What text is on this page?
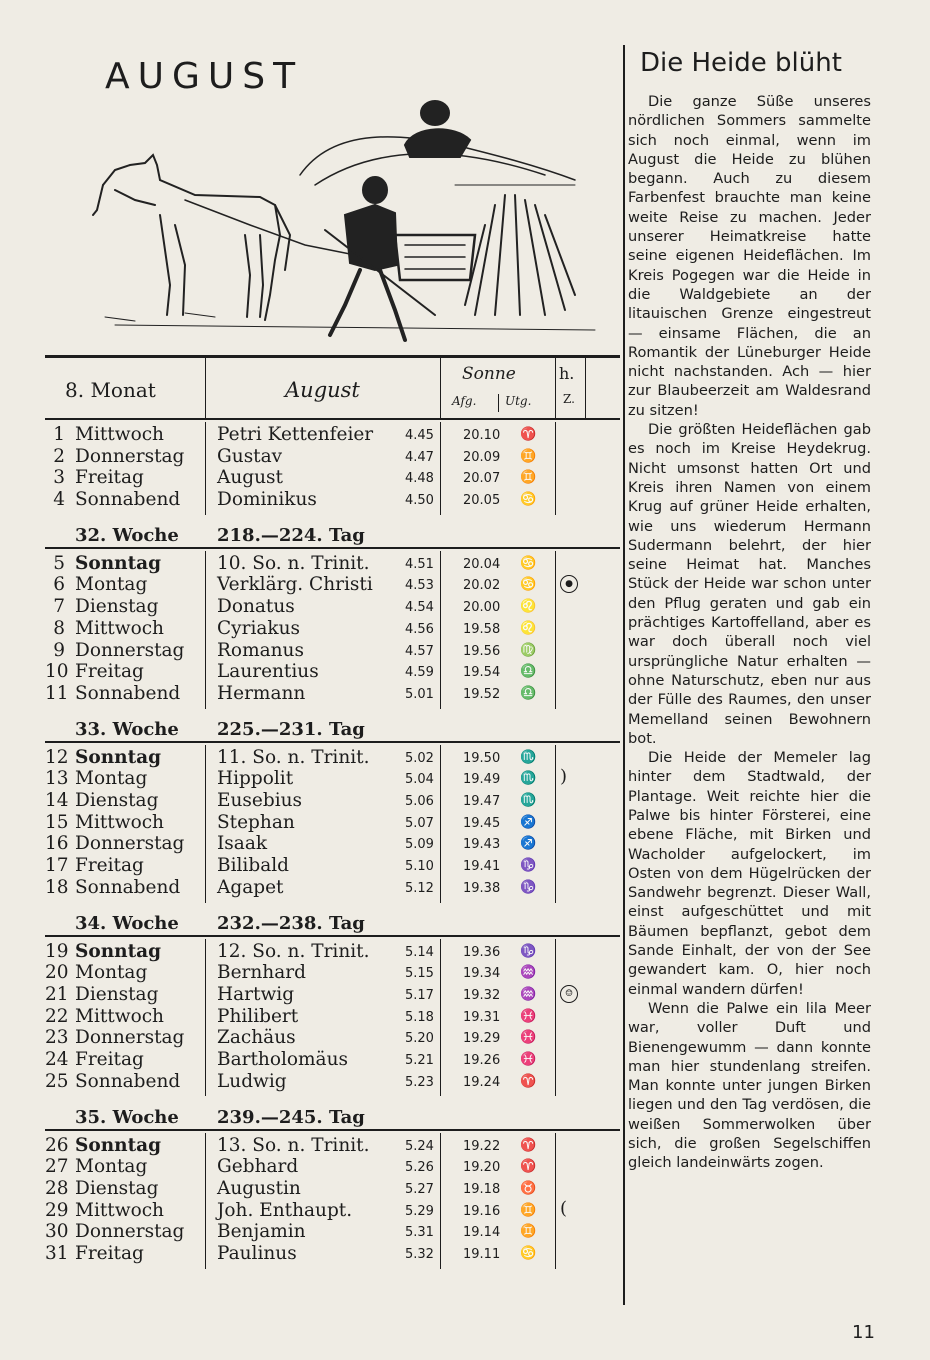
AUGUST
8. Monat	August
Sonne
Afg. Utg.
h.
Z.
1 Mittwoch	Petri Kettenfeier 4.45 20.10 ♈
2 Donnerstag Gustav	4.47 20.09 ♊
3 Freitag	August	4.48 20.07 ♊
4 Sonnabend Dominikus	4.50 20.05 ♋
32. Woche 218.—224. Tag
5 Sonntag	10. So. n. Trinit.	4.51 20.04 ♋
6 Montag	Verklärg. Christi 4.53 20.02 ♋	●
7 Dienstag	Donatus	4.54 20.00 ♌
8 Mittwoch	Cyriakus	4.56 19.58 ♌
9 Donnerstag Romanus	4.57 19.56 ♍
10 Freitag	Laurentius	4.59 19.54 ♎
11 Sonnabend Hermann	5.01 19.52 ♎
33. Woche 225.—231. Tag
12 Sonntag	11. So. n. Trinit.	5.02 19.50 ♏
13 Montag	Hippolit	5.04 19.49 ♏ )
14 Dienstag	Eusebius	5.06 19.47 ♏
15 Mittwoch	Stephan	5.07 19.45 ♐
16 Donnerstag Isaak	5.09 19.43 ♐
17 Freitag	Bilibald	5.10 19.41 ♑
18 Sonnabend Agapet	5.12 19.38 ♑
34. Woche 232.—238. Tag
19 Sonntag	12. So. n. Trinit.	5.14 19.36 ♑
20 Montag	Bernhard	5.15 19.34 ♒
21 Dienstag	Hartwig	5.17 19.32 ♒	☺
22 Mittwoch	Philibert	5.18 19.31 ♓
23 Donnerstag Zachäus	5.20 19.29 ♓
24 Freitag	Bartholomäus	5.21 19.26 ♓
25 Sonnabend Ludwig	5.23 19.24 ♈
35. Woche 239.—245. Tag
26 Sonntag	13. So. n. Trinit.	5.24 19.22 ♈
27 Montag	Gebhard	5.26 19.20 ♈
28 Dienstag	Augustin	5.27 19.18 ♉
29 Mittwoch	Joh. Enthaupt.	5.29 19.16 ♊ (
30 Donnerstag Benjamin	5.31 19.14 ♊
31 Freitag	Paulinus	5.32 19.11 ♋
Die Heide blüht

Die ganze Süße unseres nördlichen Sommers sammelte sich noch einmal, wenn im August die Heide zu blühen begann. Auch zu diesem Farbenfest brauchte man keine weite Reise zu machen. Jeder unserer Heimatkreise hatte seine eigenen Heideflächen. Im Kreis Pogegen war die Heide in die Waldgebiete an der litauischen Grenze eingestreut — einsame Flächen, die an Romantik der Lüneburger Heide nicht nachstanden. Ach — hier zur Blaubeerzeit am Waldesrand zu sitzen!

Die größten Heideflächen gab es noch im Kreise Heydekrug. Nicht umsonst hatten Ort und Kreis ihren Namen von einem Krug auf grüner Heide erhalten, wie uns wiederum Hermann Sudermann belehrt, der hier seine Heimat hat. Manches Stück der Heide war schon unter den Pflug geraten und gab ein prächtiges Kartoffelland, aber es war doch überall noch viel ursprüngliche Natur erhalten — ohne Naturschutz, eben nur aus der Fülle des Raumes, den unser Memelland seinen Bewohnern bot.

Die Heide der Memeler lag hinter dem Stadtwald, der Plantage. Weit reichte hier die Palwe bis hinter Försterei, eine ebene Fläche, mit Birken und Wacholder aufgelockert, im Osten von dem Hügelrücken der Sandwehr begrenzt. Dieser Wall, einst aufgeschüttet und mit Bäumen bepflanzt, gebot dem Sande Einhalt, der von der See gewandert kam. O, hier noch einmal wandern dürfen!

Wenn die Palwe ein lila Meer war, voller Duft und Bienengewumm — dann konnte man hier stundenlang streifen. Man konnte unter jungen Birken liegen und den Tag verdösen, die weißen Sommerwolken über sich, die großen Segelschiffen gleich landeinwärts zogen.

11
